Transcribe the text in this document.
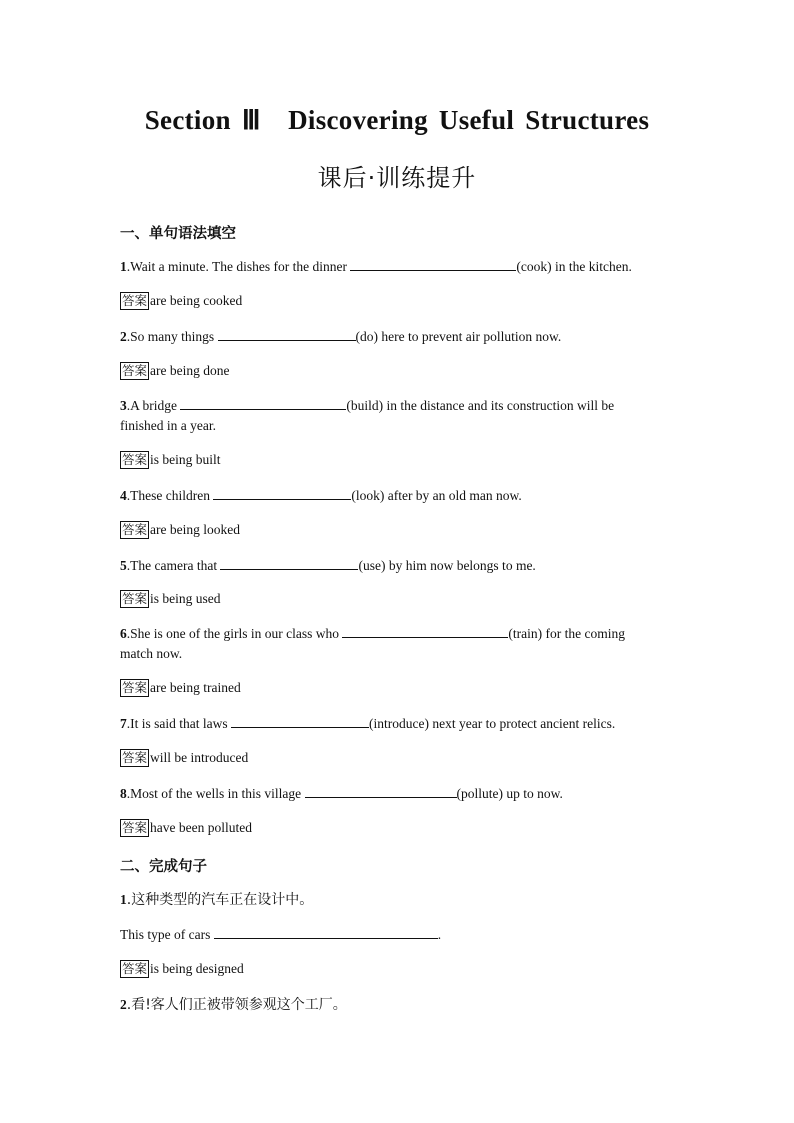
Section Ⅲ　Discovering Useful Structures
课后·训练提升
一、单句语法填空
1.Wait a minute. The dishes for the dinner	(cook) in the kitchen.
答案 are being cooked
2.So many things	(do) here to prevent air pollution now.
答案 are being done
3.A bridge	(build) in the distance and its construction will be finished in a year.
答案 is being built
4.These children	(look) after by an old man now.
答案 are being looked
5.The camera that	(use) by him now belongs to me.
答案 is being used
6.She is one of the girls in our class who	(train) for the coming match now.
答案 are being trained
7.It is said that laws	(introduce) next year to protect ancient relics.
答案 will be introduced
8.Most of the wells in this village	(pollute) up to now.
答案 have been polluted
二、完成句子
1.这种类型的汽车正在设计中。
This type of cars	.
答案 is being designed
2.看!客人们正被带领参观这个工厂。
